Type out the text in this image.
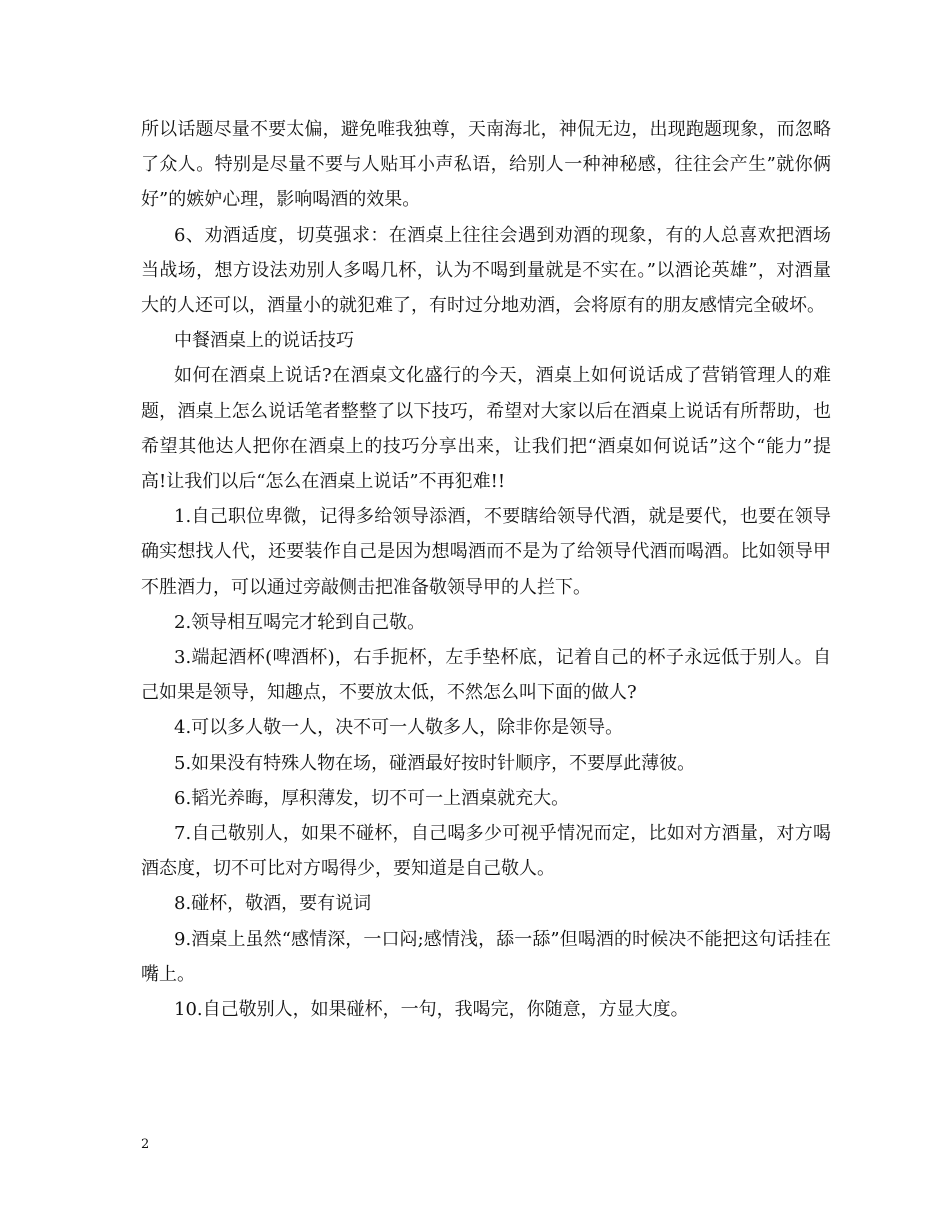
所以话题尽量不要太偏，避免唯我独尊，天南海北，神侃无边，出现跑题现象，而忽略了众人。特别是尽量不要与人贴耳小声私语，给别人一种神秘感，往往会产生”就你俩好”的嫉妒心理，影响喝酒的效果。

6、劝酒适度，切莫强求：在酒桌上往往会遇到劝酒的现象，有的人总喜欢把酒场当战场，想方设法劝别人多喝几杯，认为不喝到量就是不实在。”以酒论英雄”，对酒量大的人还可以，酒量小的就犯难了，有时过分地劝酒，会将原有的朋友感情完全破坏。

中餐酒桌上的说话技巧

如何在酒桌上说话?在酒桌文化盛行的今天，酒桌上如何说话成了营销管理人的难题，酒桌上怎么说话笔者整整了以下技巧，希望对大家以后在酒桌上说话有所帮助，也希望其他达人把你在酒桌上的技巧分享出来，让我们把“酒桌如何说话”这个“能力”提高!让我们以后“怎么在酒桌上说话”不再犯难!!

1.自己职位卑微，记得多给领导添酒，不要瞎给领导代酒，就是要代，也要在领导确实想找人代，还要装作自己是因为想喝酒而不是为了给领导代酒而喝酒。比如领导甲不胜酒力，可以通过旁敲侧击把准备敬领导甲的人拦下。

2.领导相互喝完才轮到自己敬。

3.端起酒杯(啤酒杯)，右手扼杯，左手垫杯底，记着自己的杯子永远低于别人。自己如果是领导，知趣点，不要放太低，不然怎么叫下面的做人?

4.可以多人敬一人，决不可一人敬多人，除非你是领导。

5.如果没有特殊人物在场，碰酒最好按时针顺序，不要厚此薄彼。

6.韬光养晦，厚积薄发，切不可一上酒桌就充大。

7.自己敬别人，如果不碰杯，自己喝多少可视乎情况而定，比如对方酒量，对方喝酒态度，切不可比对方喝得少，要知道是自己敬人。

8.碰杯，敬酒，要有说词

9.酒桌上虽然“感情深，一口闷;感情浅，舔一舔”但喝酒的时候决不能把这句话挂在嘴上。

10.自己敬别人，如果碰杯，一句，我喝完，你随意，方显大度。

2
